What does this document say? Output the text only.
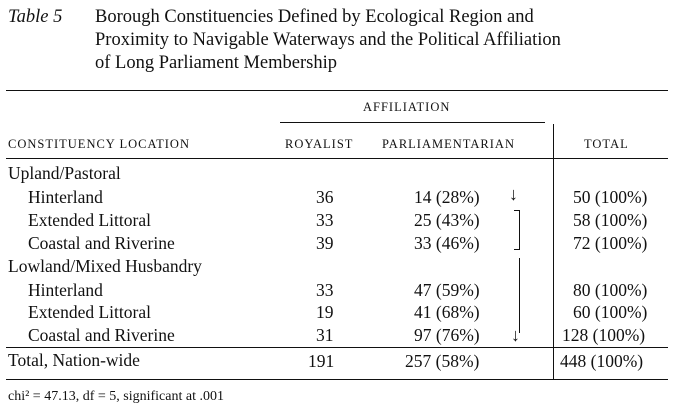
Table 5 Borough Constituencies Defined by Ecological Region and
Proximity to Navigable Waterways and the Political Affiliation
of Long Parliament Membership
AFFILIATION
CONSTITUENCY LOCATION	ROYALIST PARLIAMENTARIAN	TOTAL
Upland/Pastoral
Hinterland	36	14 (28%)	50 (100%)
Extended Littoral	33	25 (43%)	58 (100%)
Coastal and Riverine	39	33 (46%)	72 (100%)
Lowland/Mixed Husbandry
Hinterland	33	47 (59%)	80 (100%)
Extended Littoral	19	41 (68%)	60 (100%)
Coastal and Riverine	31	97 (76%)	128 (100%)
↓
↓
Total, Nation-wide	191	257 (58%)	448 (100%)
chi² = 47.13, df = 5, significant at .001
